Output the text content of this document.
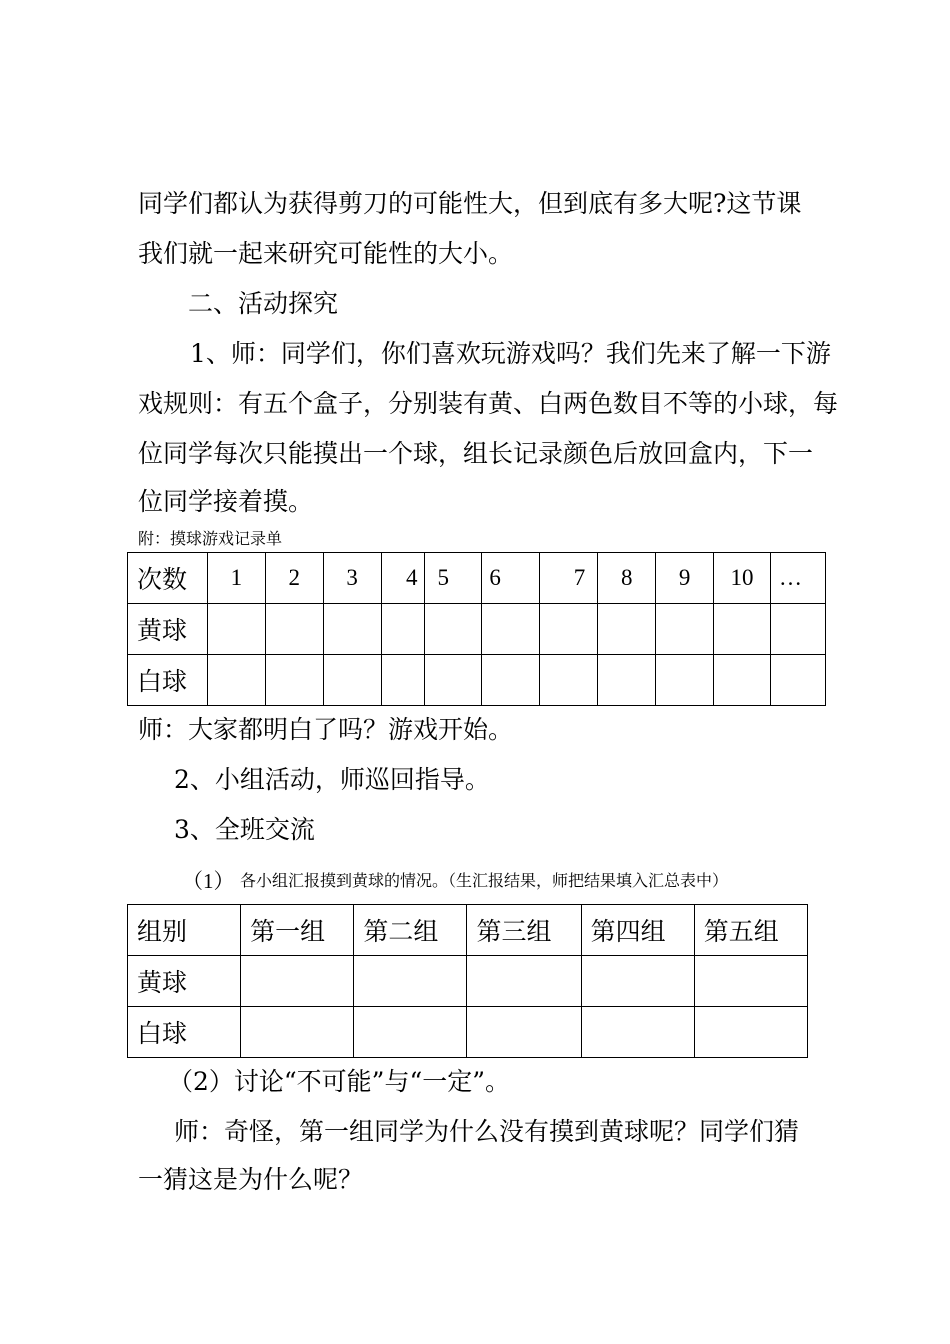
同学们都认为获得剪刀的可能性大，但到底有多大呢?这节课
我们就一起来研究可能性的大小。
二、活动探究
1、师：同学们，你们喜欢玩游戏吗？我们先来了解一下游
戏规则：有五个盒子，分别装有黄、白两色数目不等的小球，每
位同学每次只能摸出一个球，组长记录颜色后放回盒内，下一
位同学接着摸。
附：摸球游戏记录单
次数	1	2	3	4	5	6	7	8	9	10	…
黄球											
白球											
师：大家都明白了吗？游戏开始。
2、小组活动，师巡回指导。
3、全班交流
（1） 各小组汇报摸到黄球的情况。（生汇报结果，师把结果填入汇总表中）
组别	第一组	第二组	第三组	第四组	第五组
黄球					
白球					
（2）讨论“不可能”与“一定”。
师：奇怪，第一组同学为什么没有摸到黄球呢？同学们猜
一猜这是为什么呢？
